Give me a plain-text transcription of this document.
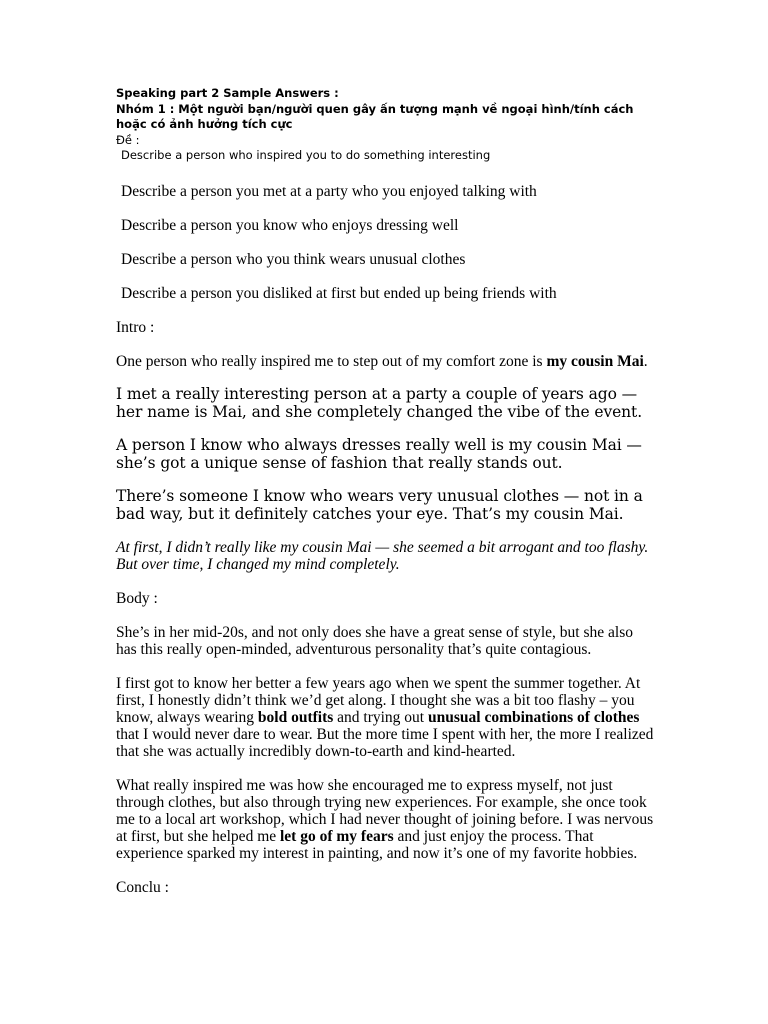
Speaking part 2 Sample Answers :

Nhóm 1 : Một người bạn/người quen gây ấn tượng mạnh về ngoại hình/tính cách hoặc có ảnh hưởng tích cực

Đề :

Describe a person who inspired you to do something interesting

Describe a person you met at a party who you enjoyed talking with

Describe a person you know who enjoys dressing well

Describe a person who you think wears unusual clothes

Describe a person you disliked at first but ended up being friends with

Intro :

One person who really inspired me to step out of my comfort zone is my cousin Mai.

I met a really interesting person at a party a couple of years ago — her name is Mai, and she completely changed the vibe of the event.

A person I know who always dresses really well is my cousin Mai — she’s got a unique sense of fashion that really stands out.

There’s someone I know who wears very unusual clothes — not in a bad way, but it definitely catches your eye. That’s my cousin Mai.

At first, I didn’t really like my cousin Mai — she seemed a bit arrogant and too flashy. But over time, I changed my mind completely.

Body :

She’s in her mid-20s, and not only does she have a great sense of style, but she also has this really open-minded, adventurous personality that’s quite contagious.

I first got to know her better a few years ago when we spent the summer together. At first, I honestly didn’t think we’d get along. I thought she was a bit too flashy – you know, always wearing bold outfits and trying out unusual combinations of clothes that I would never dare to wear. But the more time I spent with her, the more I realized that she was actually incredibly down-to-earth and kind-hearted.

What really inspired me was how she encouraged me to express myself, not just through clothes, but also through trying new experiences. For example, she once took me to a local art workshop, which I had never thought of joining before. I was nervous at first, but she helped me let go of my fears and just enjoy the process. That experience sparked my interest in painting, and now it’s one of my favorite hobbies.

Conclu :
